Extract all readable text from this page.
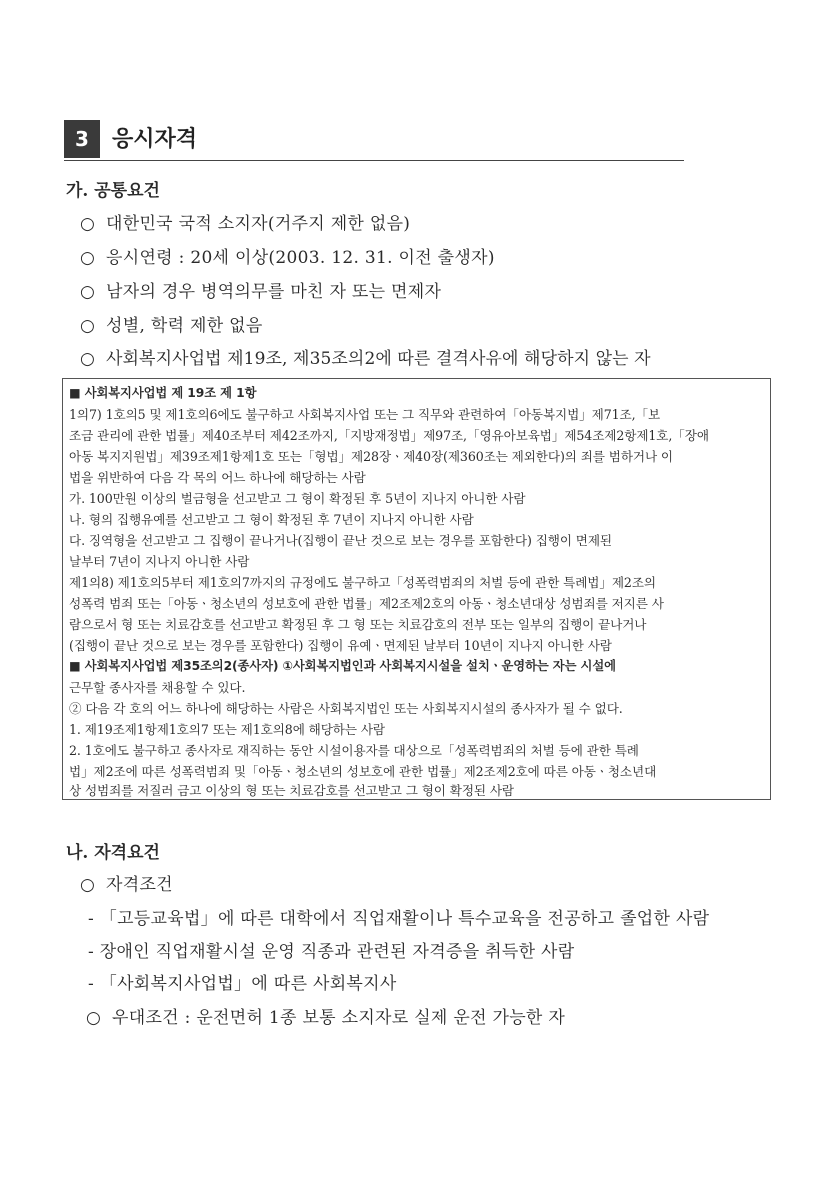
3	응시자격
가. 공통요건
○ 대한민국 국적 소지자(거주지 제한 없음)
○ 응시연령 : 20세 이상(2003. 12. 31. 이전 출생자)
○ 남자의 경우 병역의무를 마친 자 또는 면제자
○ 성별, 학력 제한 없음
○ 사회복지사업법 제19조, 제35조의2에 따른 결격사유에 해당하지 않는 자
■ 사회복지사업법 제 19조 제 1항
1의7) 1호의5 및 제1호의6에도 불구하고 사회복지사업 또는 그 직무와 관련하여「아동복지법」제71조,「보
조금 관리에 관한 법률」제40조부터 제42조까지,「지방재정법」제97조,「영유아보육법」제54조제2항제1호,「장애
아동 복지지원법」제39조제1항제1호 또는「형법」제28장ㆍ제40장(제360조는 제외한다)의 죄를 범하거나 이
법을 위반하여 다음 각 목의 어느 하나에 해당하는 사람
가. 100만원 이상의 벌금형을 선고받고 그 형이 확정된 후 5년이 지나지 아니한 사람
나. 형의 집행유예를 선고받고 그 형이 확정된 후 7년이 지나지 아니한 사람
다. 징역형을 선고받고 그 집행이 끝나거나(집행이 끝난 것으로 보는 경우를 포함한다) 집행이 면제된
날부터 7년이 지나지 아니한 사람
제1의8) 제1호의5부터 제1호의7까지의 규정에도 불구하고「성폭력범죄의 처벌 등에 관한 특례법」제2조의
성폭력 범죄 또는「아동ㆍ청소년의 성보호에 관한 법률」제2조제2호의 아동ㆍ청소년대상 성범죄를 저지른 사
람으로서 형 또는 치료감호를 선고받고 확정된 후 그 형 또는 치료감호의 전부 또는 일부의 집행이 끝나거나
(집행이 끝난 것으로 보는 경우를 포함한다) 집행이 유예ㆍ면제된 날부터 10년이 지나지 아니한 사람
■ 사회복지사업법 제35조의2(종사자) ①사회복지법인과 사회복지시설을 설치ㆍ운영하는 자는 시설에
근무할 종사자를 채용할 수 있다.
② 다음 각 호의 어느 하나에 해당하는 사람은 사회복지법인 또는 사회복지시설의 종사자가 될 수 없다.
1. 제19조제1항제1호의7 또는 제1호의8에 해당하는 사람
2. 1호에도 불구하고 종사자로 재직하는 동안 시설이용자를 대상으로「성폭력범죄의 처벌 등에 관한 특례
법」제2조에 따른 성폭력범죄 및「아동ㆍ청소년의 성보호에 관한 법률」제2조제2호에 따른 아동ㆍ청소년대
상 성범죄를 저질러 금고 이상의 형 또는 치료감호를 선고받고 그 형이 확정된 사람
나. 자격요건
○ 자격조건
- 「고등교육법」에 따른 대학에서 직업재활이나 특수교육을 전공하고 졸업한 사람
- 장애인 직업재활시설 운영 직종과 관련된 자격증을 취득한 사람
- 「사회복지사업법」에 따른 사회복지사
○ 우대조건 : 운전면허 1종 보통 소지자로 실제 운전 가능한 자
